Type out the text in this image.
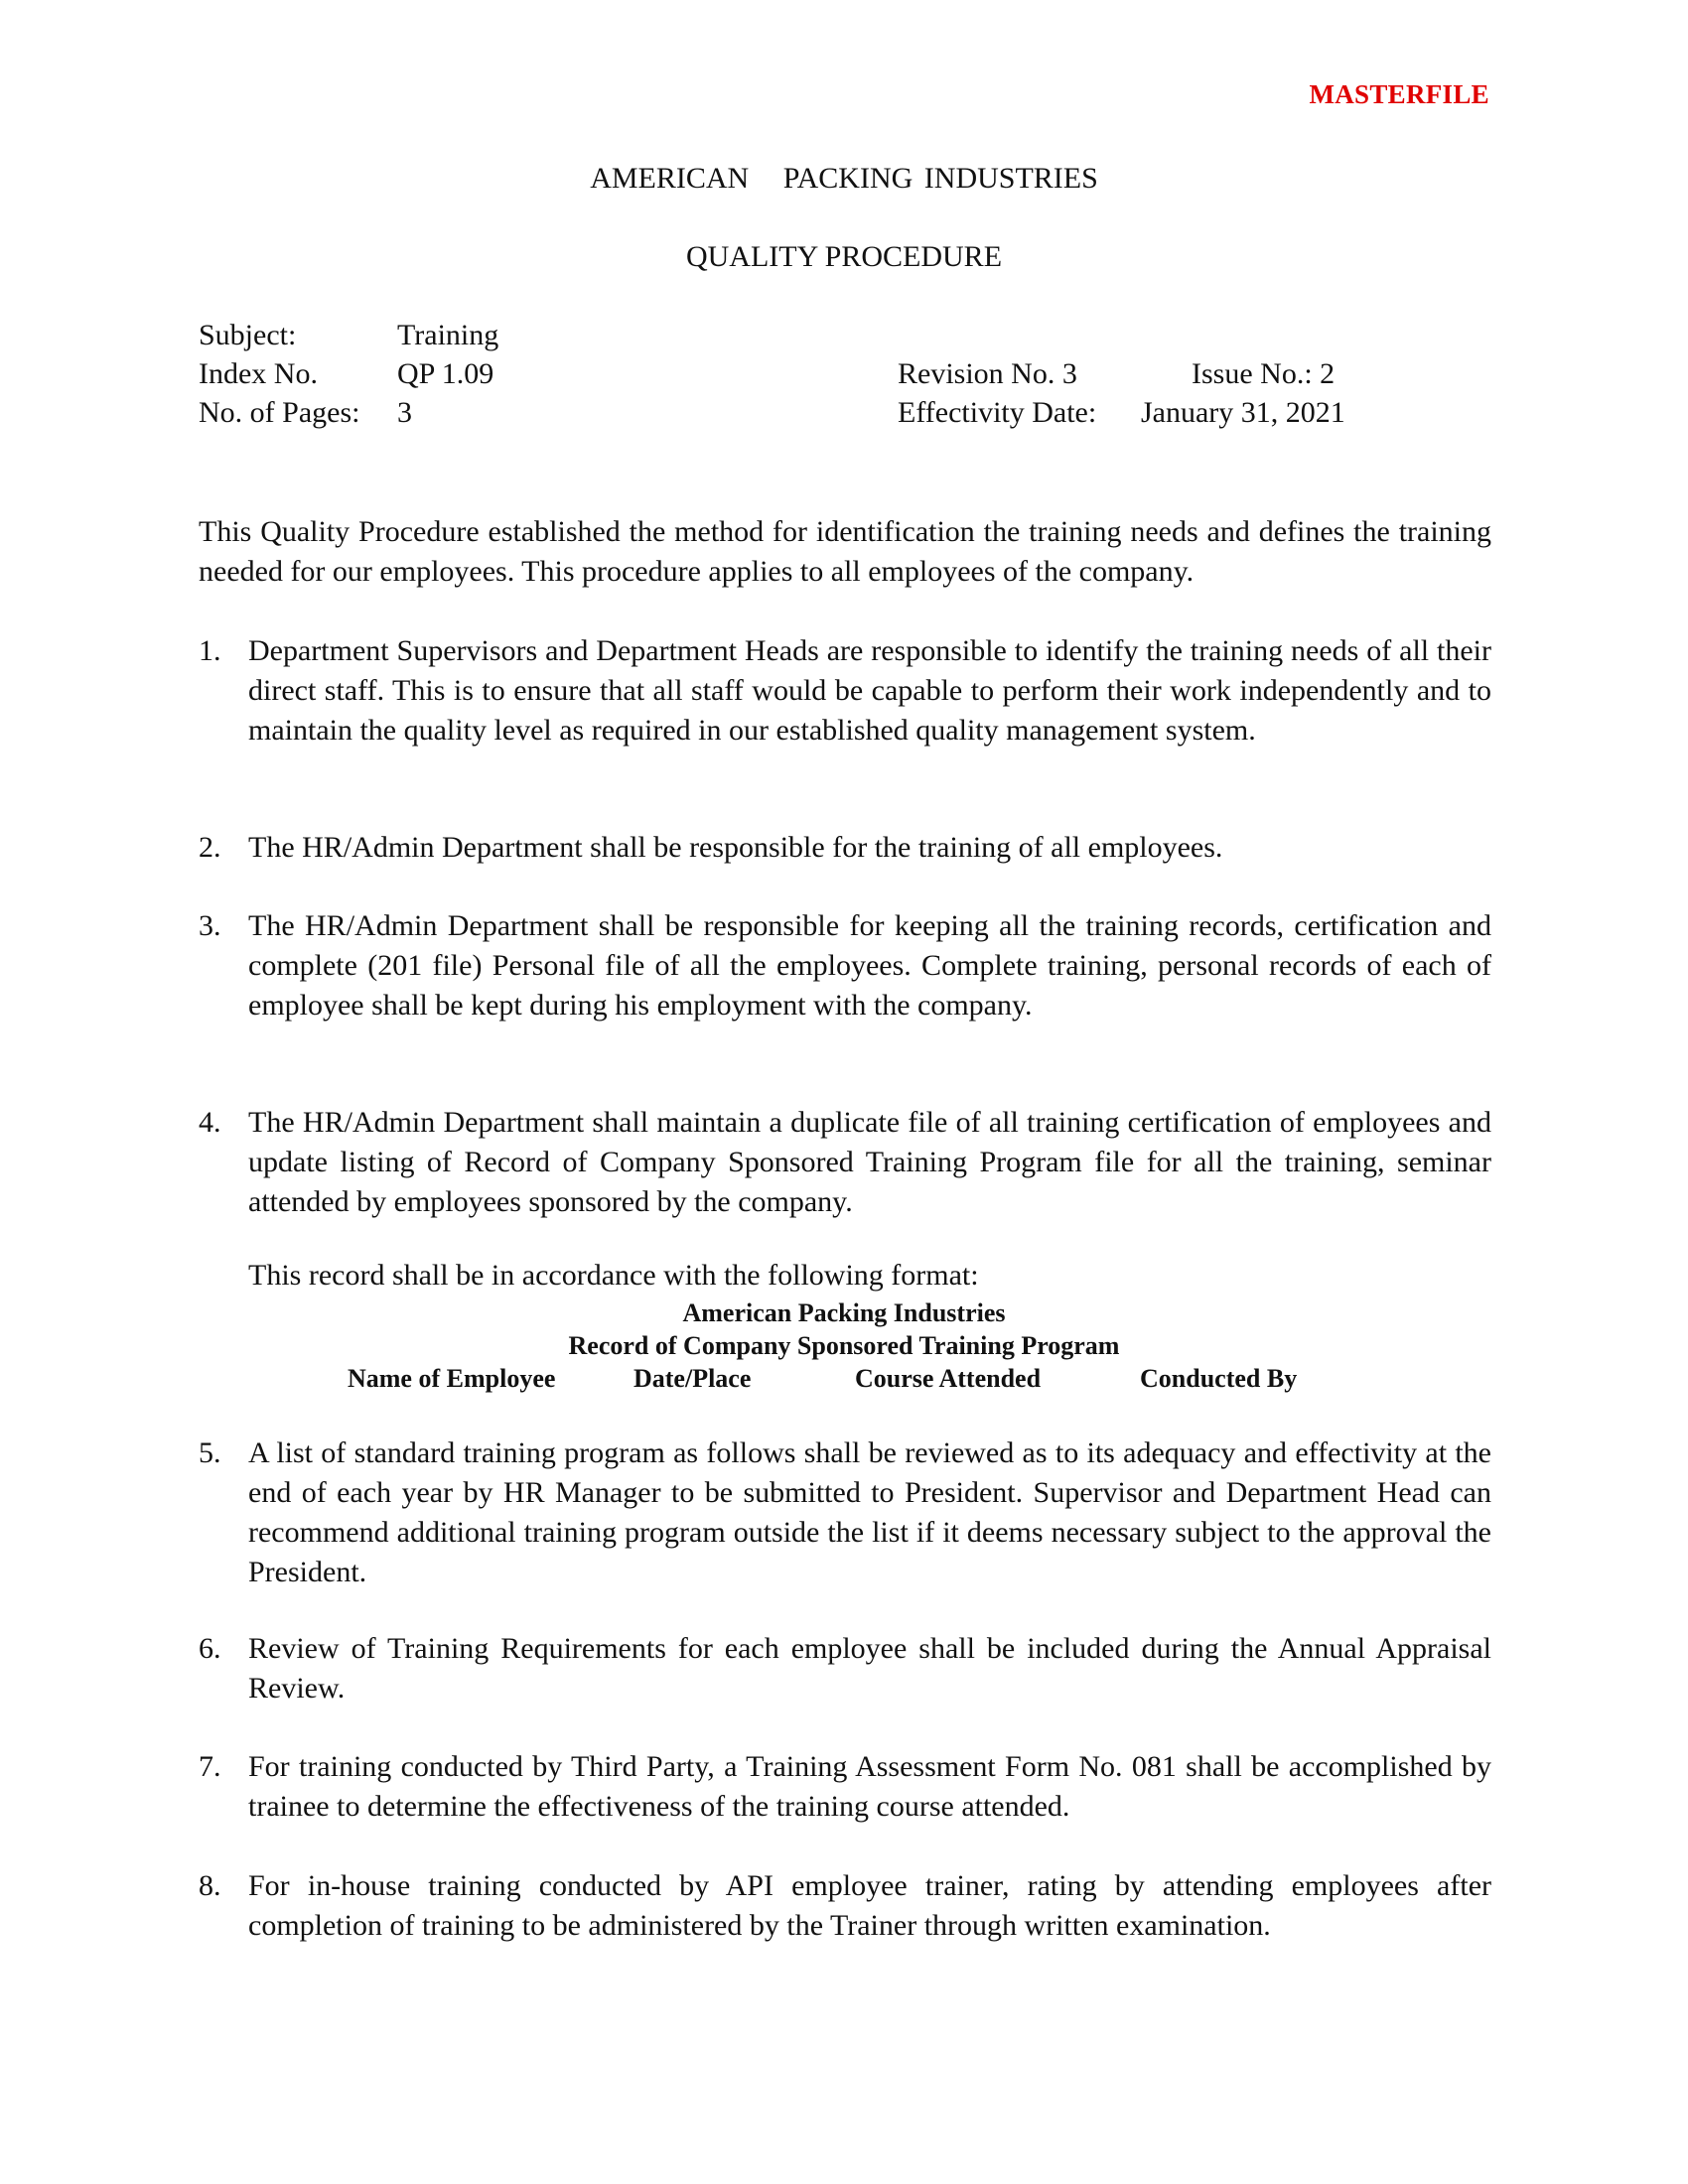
MASTERFILE
AMERICAN   PACKING INDUSTRIES
QUALITY PROCEDURE
Subject:	Training
Index No.	QP 1.09	Revision No. 3	Issue No.: 2
No. of Pages: 3	Effectivity Date: January 31, 2021
This Quality Procedure established the method for identification the training needs and defines the training needed for our employees. This procedure applies to all employees of the company.
1. Department Supervisors and Department Heads are responsible to identify the training needs of all their direct staff. This is to ensure that all staff would be capable to perform their work independently and to maintain the quality level as required in our established quality management system.
2. The HR/Admin Department shall be responsible for the training of all employees.
3. The HR/Admin Department shall be responsible for keeping all the training records, certification and complete (201 file) Personal file of all the employees. Complete training, personal records of each of employee shall be kept during his employment with the company.
4. The HR/Admin Department shall maintain a duplicate file of all training certification of employees and update listing of Record of Company Sponsored Training Program file for all the training, seminar attended by employees sponsored by the company.
This record shall be in accordance with the following format:
American Packing Industries
Record of Company Sponsored Training Program
Name of Employee	Date/Place	Course Attended	Conducted By
5. A list of standard training program as follows shall be reviewed as to its adequacy and effectivity at the end of each year by HR Manager to be submitted to President. Supervisor and Department Head can recommend additional training program outside the list if it deems necessary subject to the approval the President.
6. Review of Training Requirements for each employee shall be included during the Annual Appraisal Review.
7. For training conducted by Third Party, a Training Assessment Form No. 081 shall be accomplished by trainee to determine the effectiveness of the training course attended.
8. For in-house training conducted by API employee trainer, rating by attending employees after completion of training to be administered by the Trainer through written examination.
